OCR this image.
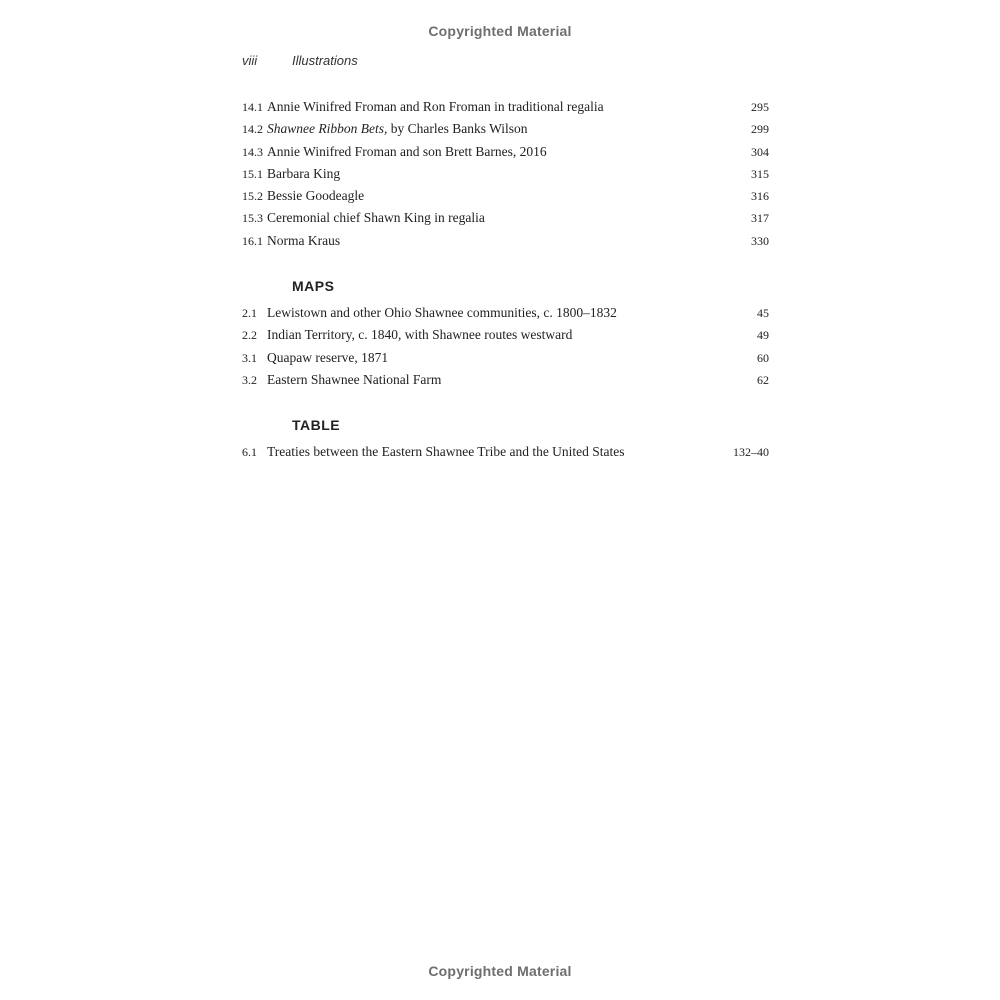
Copyrighted Material
viii	Illustrations
14.1 Annie Winifred Froman and Ron Froman in traditional regalia	295
14.2 Shawnee Ribbon Bets, by Charles Banks Wilson	299
14.3 Annie Winifred Froman and son Brett Barnes, 2016	304
15.1 Barbara King	315
15.2 Bessie Goodeagle	316
15.3 Ceremonial chief Shawn King in regalia	317
16.1 Norma Kraus	330
MAPS
2.1 Lewistown and other Ohio Shawnee communities, c. 1800–1832	45
2.2 Indian Territory, c. 1840, with Shawnee routes westward	49
3.1 Quapaw reserve, 1871	60
3.2 Eastern Shawnee National Farm	62
TABLE
6.1 Treaties between the Eastern Shawnee Tribe and the United States	132–40
Copyrighted Material
